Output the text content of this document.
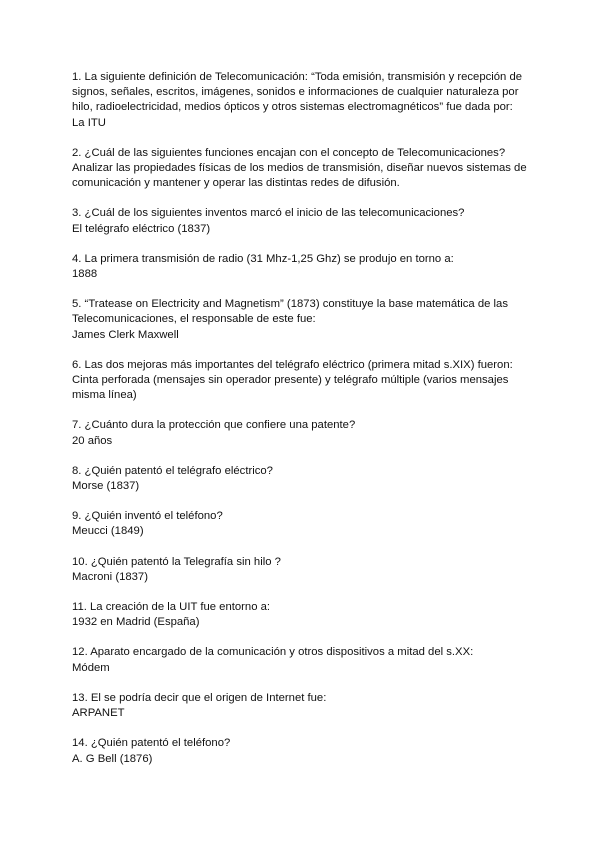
1. La siguiente definición de Telecomunicación: “Toda emisión, transmisión y recepción de signos, señales, escritos, imágenes, sonidos e informaciones de cualquier naturaleza por hilo, radioelectricidad, medios ópticos y otros sistemas electromagnéticos” fue dada por:

La ITU

2. ¿Cuál de las siguientes funciones encajan con el concepto de Telecomunicaciones?

Analizar las propiedades físicas de los medios de transmisión, diseñar nuevos sistemas de comunicación y mantener y operar las distintas redes de difusión.

3. ¿Cuál de los siguientes inventos marcó el inicio de las telecomunicaciones?

El telégrafo eléctrico (1837)

4. La primera transmisión de radio (31 Mhz-1,25 Ghz) se produjo en torno a:

1888

5. “Tratease on Electricity and Magnetism” (1873) constituye la base matemática de las Telecomunicaciones, el responsable de este fue:

James Clerk Maxwell

6. Las dos mejoras más importantes del telégrafo eléctrico (primera mitad s.XIX) fueron:

Cinta perforada (mensajes sin operador presente) y telégrafo múltiple (varios mensajes misma línea)

7. ¿Cuánto dura la protección que confiere una patente?

20 años

8. ¿Quién patentó el telégrafo eléctrico?

Morse (1837)

9. ¿Quién inventó el teléfono?

Meucci (1849)

10. ¿Quién patentó la Telegrafía sin hilo ?

Macroni (1837)

11. La creación de la UIT fue entorno a:

1932 en Madrid (España)

12. Aparato encargado de la comunicación y otros dispositivos a mitad del s.XX:

Módem

13. El se podría decir que el origen de Internet fue:

ARPANET

14. ¿Quién patentó el teléfono?

A. G Bell (1876)
